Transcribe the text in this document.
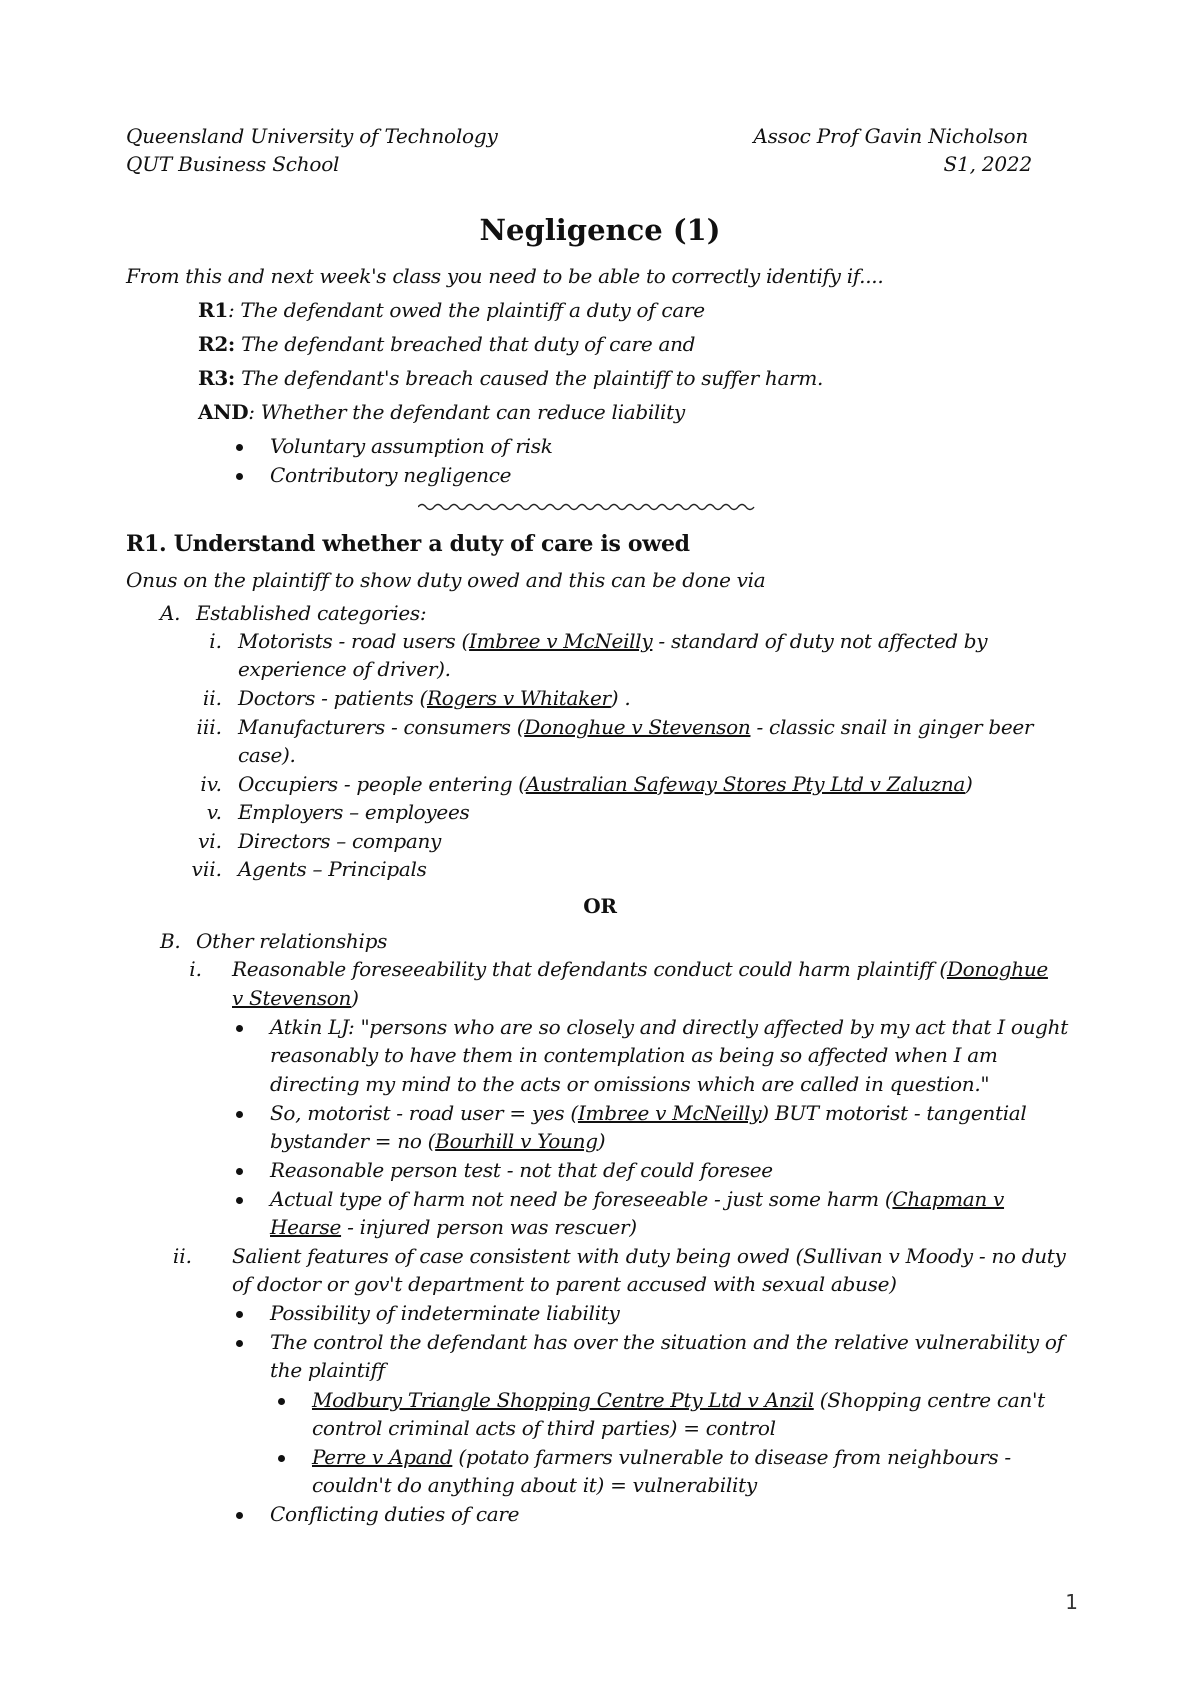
Queensland University of Technology
QUT Business School
Assoc Prof Gavin Nicholson
S1, 2022
Negligence (1)
From this and next week's class you need to be able to correctly identify if....
R1: The defendant owed the plaintiff a duty of care
R2: The defendant breached that duty of care and
R3: The defendant's breach caused the plaintiff to suffer harm.
AND: Whether the defendant can reduce liability
Voluntary assumption of risk
Contributory negligence
R1. Understand whether a duty of care is owed
Onus on the plaintiff to show duty owed and this can be done via
A. Established categories:
i. Motorists - road users (Imbree v McNeilly - standard of duty not affected by
experience of driver).
ii. Doctors - patients (Rogers v Whitaker) .
iii. Manufacturers - consumers (Donoghue v Stevenson - classic snail in ginger beer
case).
iv. Occupiers - people entering (Australian Safeway Stores Pty Ltd v Zaluzna)
v. Employers – employees
vi. Directors – company
vii. Agents – Principals
OR
B. Other relationships
i. Reasonable foreseeability that defendants conduct could harm plaintiff (Donoghue
v Stevenson)
Atkin LJ: "persons who are so closely and directly affected by my act that I ought
reasonably to have them in contemplation as being so affected when I am
directing my mind to the acts or omissions which are called in question."
So, motorist - road user = yes (Imbree v McNeilly) BUT motorist - tangential
bystander = no (Bourhill v Young)
Reasonable person test - not that def could foresee
Actual type of harm not need be foreseeable - just some harm (Chapman v
Hearse - injured person was rescuer)
ii. Salient features of case consistent with duty being owed (Sullivan v Moody - no duty
of doctor or gov't department to parent accused with sexual abuse)
Possibility of indeterminate liability
The control the defendant has over the situation and the relative vulnerability of
the plaintiff
Modbury Triangle Shopping Centre Pty Ltd v Anzil (Shopping centre can't
control criminal acts of third parties) = control
Perre v Apand (potato farmers vulnerable to disease from neighbours -
couldn't do anything about it) = vulnerability
Conflicting duties of care
1
